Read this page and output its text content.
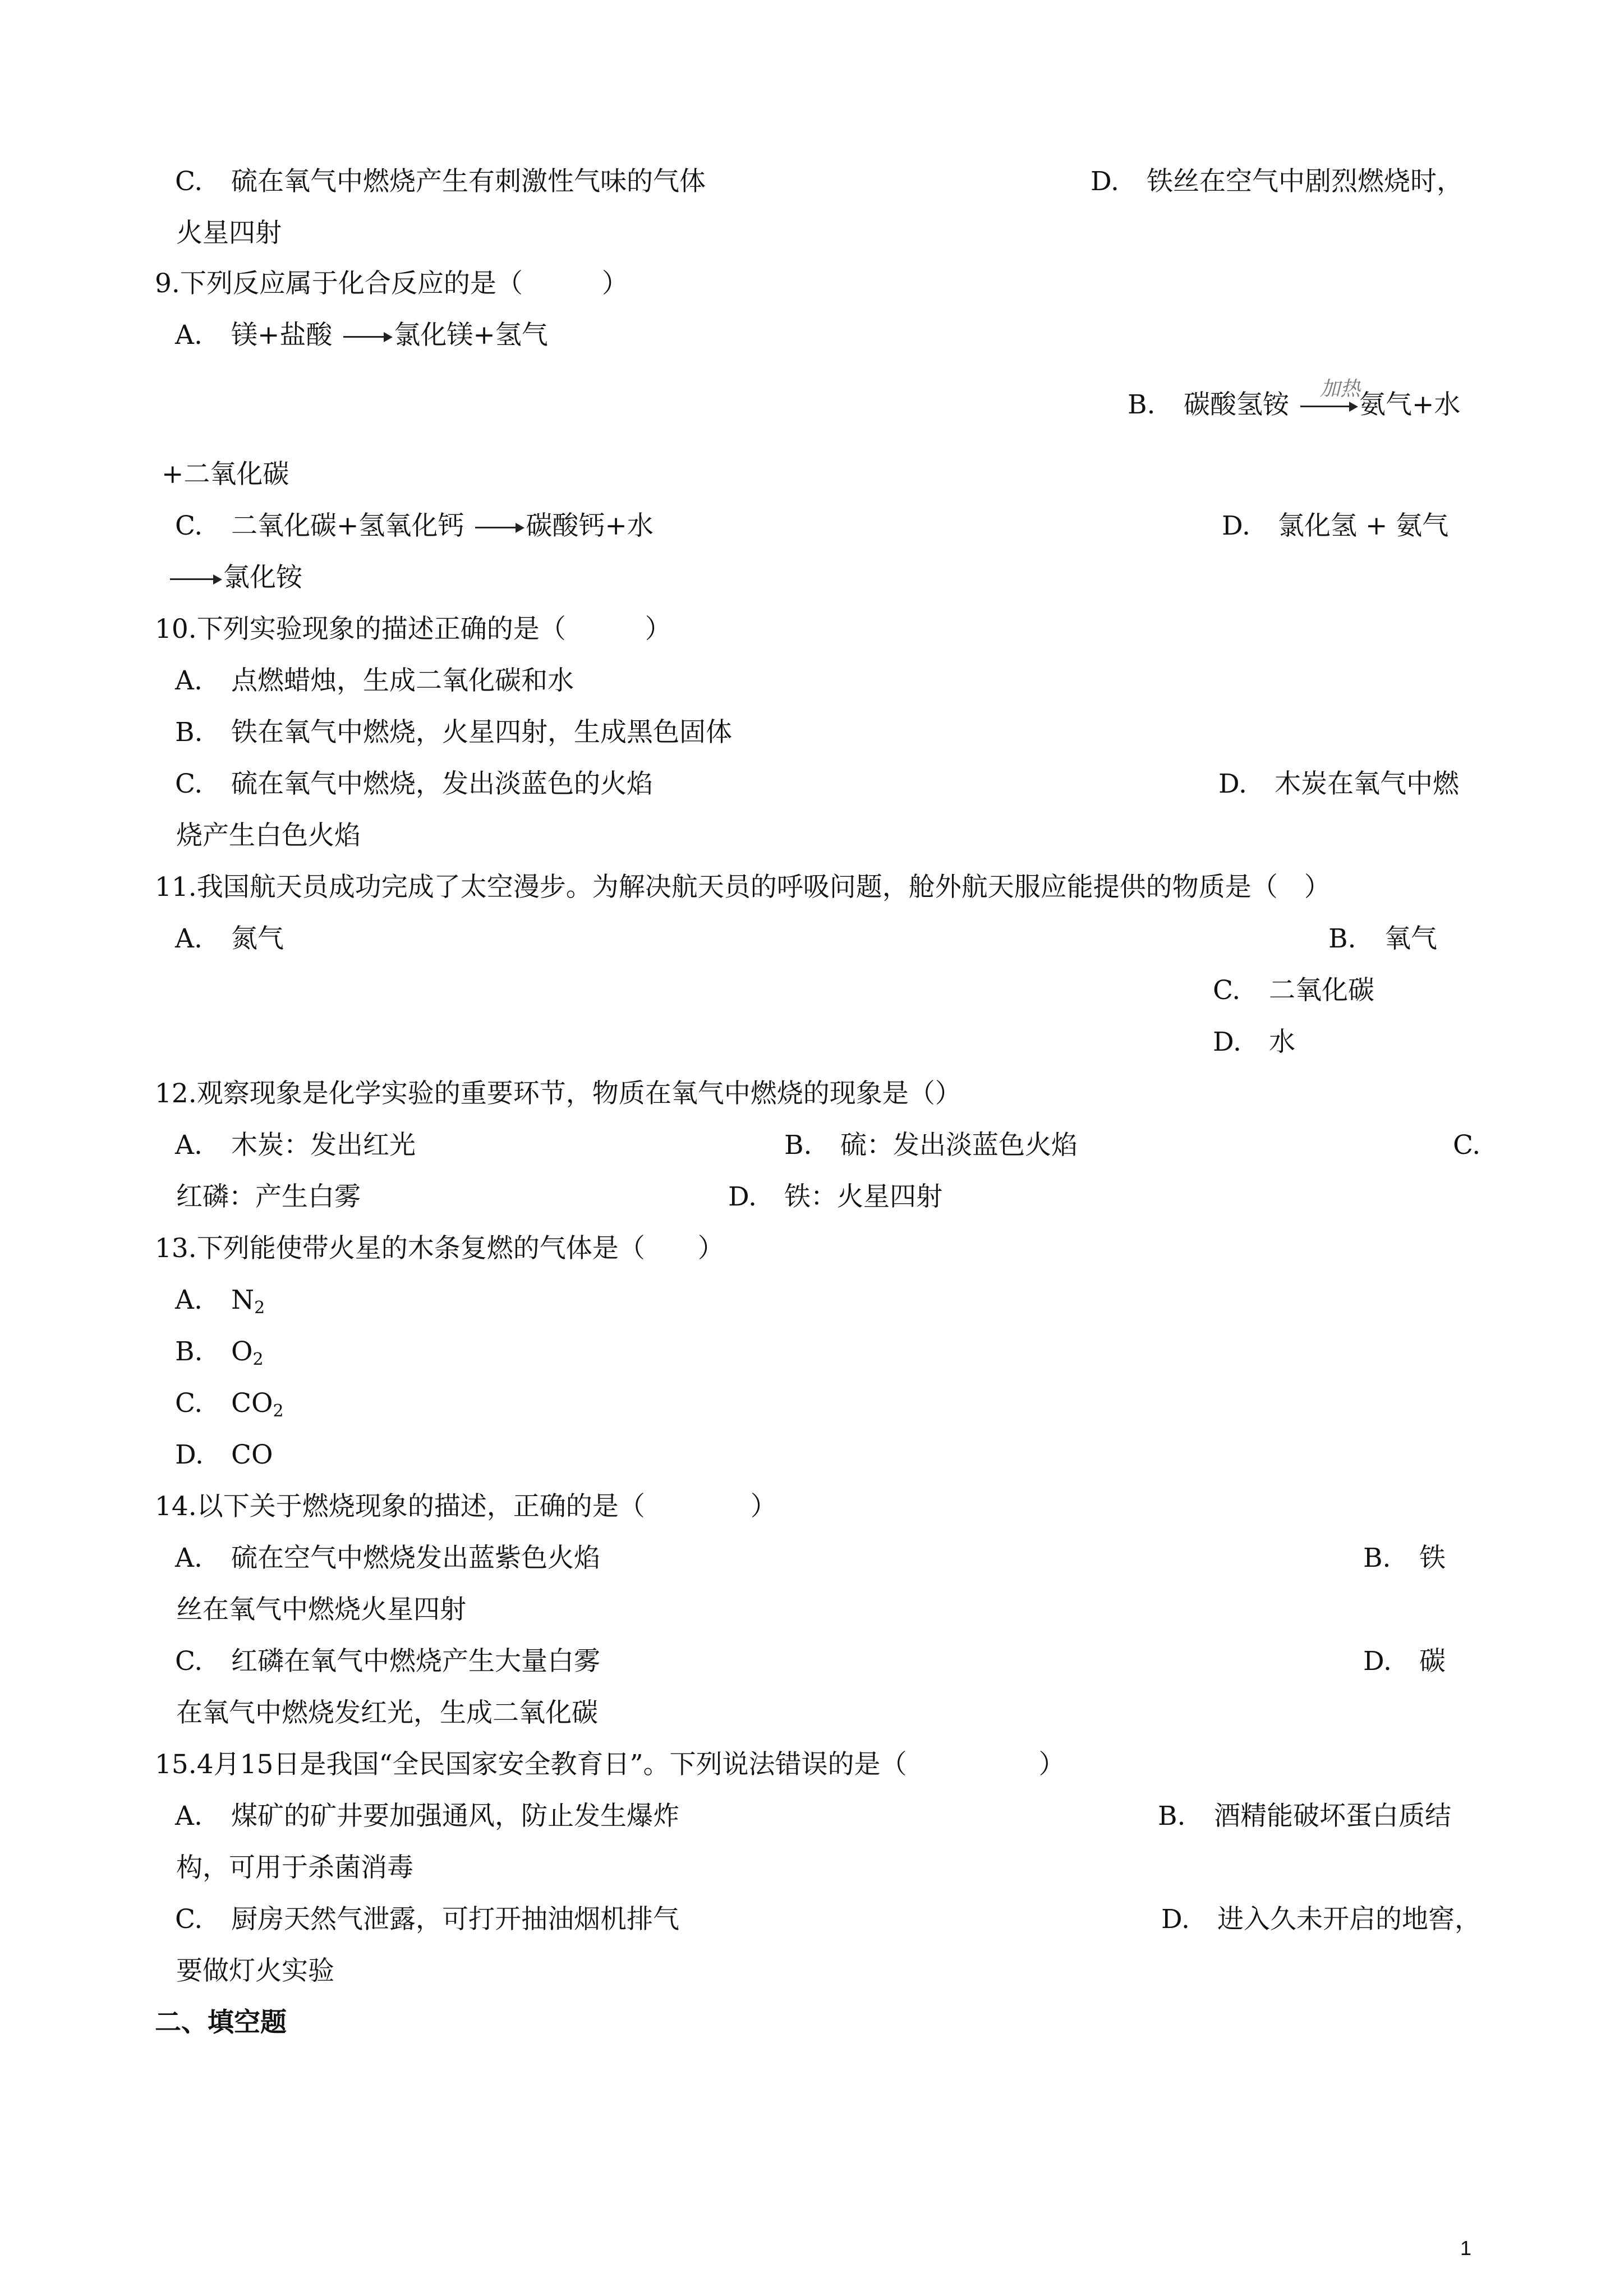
C. 硫在氧气中燃烧产生有刺激性气味的气体	D. 铁丝在空气中剧烈燃烧时，
火星四射
9.下列反应属于化合反应的是（　　　）
A. 镁+盐酸 氯化镁+氢气
加热
B. 碳酸氢铵 氨气+水
+二氧化碳
C. 二氧化碳+氢氧化钙 碳酸钙+水	D. 氯化氢 + 氨气
氯化铵
10.下列实验现象的描述正确的是（　　　）
A. 点燃蜡烛，生成二氧化碳和水
B. 铁在氧气中燃烧，火星四射，生成黑色固体
C. 硫在氧气中燃烧，发出淡蓝色的火焰	D. 木炭在氧气中燃
烧产生白色火焰
11.我国航天员成功完成了太空漫步。为解决航天员的呼吸问题，舱外航天服应能提供的物质是（　）
A. 氮气	B. 氧气
C. 二氧化碳
D. 水
12.观察现象是化学实验的重要环节，物质在氧气中燃烧的现象是（）
A. 木炭：发出红光	B. 硫：发出淡蓝色火焰	C.
红磷：产生白雾	D. 铁：火星四射
13.下列能使带火星的木条复燃的气体是（　　）
A. $N_2$
B. $O_2$
C. $CO_2$
D. CO
14.以下关于燃烧现象的描述，正确的是（　　　　）
A. 硫在空气中燃烧发出蓝紫色火焰	B. 铁
丝在氧气中燃烧火星四射
C. 红磷在氧气中燃烧产生大量白雾	D. 碳
在氧气中燃烧发红光，生成二氧化碳
15.4月15日是我国“全民国家安全教育日”。下列说法错误的是（　　　　　）
A. 煤矿的矿井要加强通风，防止发生爆炸	B. 酒精能破坏蛋白质结
构，可用于杀菌消毒
C. 厨房天然气泄露，可打开抽油烟机排气	D. 进入久未开启的地窖，
要做灯火实验
二、填空题
1
